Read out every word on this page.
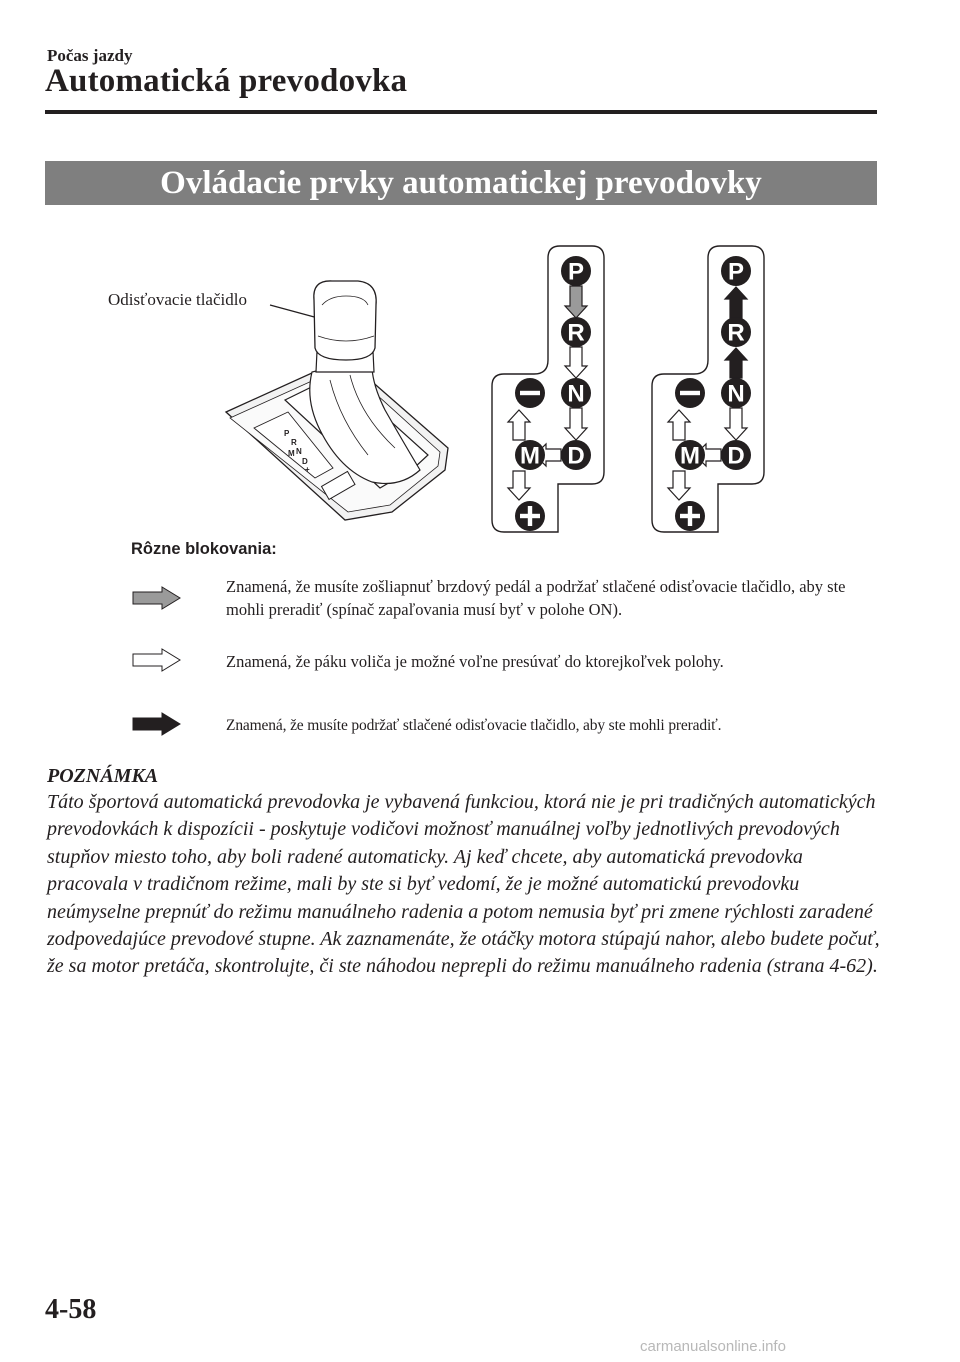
Počas jazdy
Automatická prevodovka
Ovládacie prvky automatickej prevodovky
Odisťovacie tlačidlo
P
R
N
D
M
+
P
R
N
D
M
P
R
N
D
M
Rôzne blokovania:
Znamená, že musíte zošliapnuť brzdový pedál a podržať stlačené odisťovacie tlačidlo, aby ste mohli preradiť (spínač zapaľovania musí byť v polohe ON).
Znamená, že páku voliča je možné voľne presúvať do ktorejkoľvek polohy.
Znamená, že musíte podržať stlačené odisťovacie tlačidlo, aby ste mohli preradiť.
POZNÁMKA
Táto športová automatická prevodovka je vybavená funkciou, ktorá nie je pri tradičných automatických prevodovkách k dispozícii - poskytuje vodičovi možnosť manuálnej voľby jednotlivých prevodových stupňov miesto toho, aby boli radené automaticky. Aj keď chcete, aby automatická prevodovka pracovala v tradičnom režime, mali by ste si byť vedomí, že je možné automatickú prevodovku neúmyselne prepnúť do režimu manuálneho radenia a potom nemusia byť pri zmene rýchlosti zaradené zodpovedajúce prevodové stupne. Ak zaznamenáte, že otáčky motora stúpajú nahor, alebo budete počuť, že sa motor pretáča, skontrolujte, či ste náhodou neprepli do režimu manuálneho radenia (strana 4-62).
4-58
carmanualsonline.info
